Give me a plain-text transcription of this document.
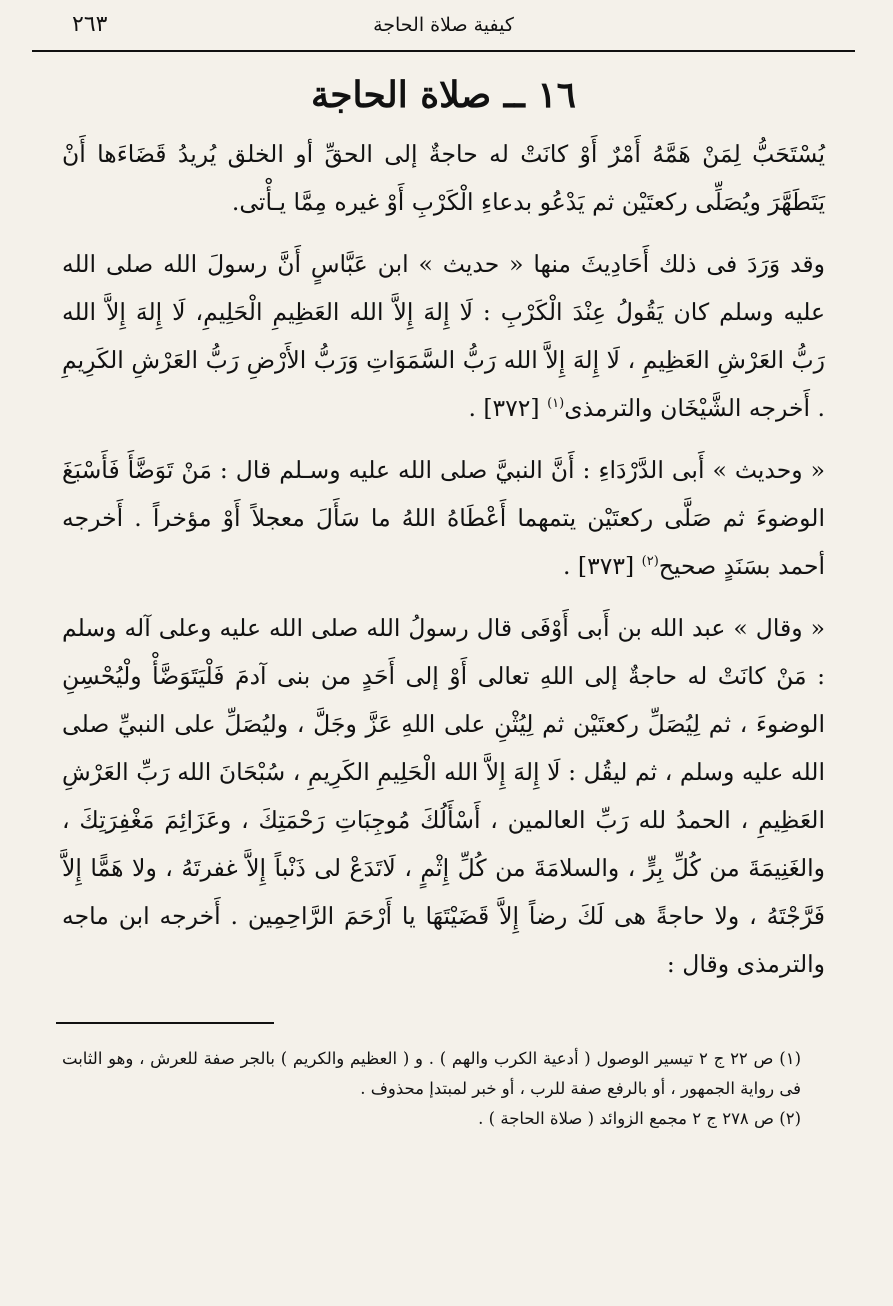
كيفية صلاة الحاجة
٢٦٣
١٦ ــ صلاة الحاجة

يُسْتَحَبُّ لِمَنْ هَمَّهُ أَمْرٌ أَوْ كانَتْ له حاجةٌ إلى الحقِّ أو الخلق يُريدُ قَضَاءَها أَنْ يَتَطَهَّرَ ويُصَلِّى ركعتَيْن ثم يَدْعُو بدعاءِ الْكَرْبِ أَوْ غيره مِمَّا يـأْتى.

وقد وَرَدَ فى ذلك أَحَادِيثَ منها « حديث » ابن عَبَّاسٍ أَنَّ رسولَ الله صلى الله عليه وسلم كان يَقُولُ عِنْدَ الْكَرْبِ : لَا إِلهَ إِلاَّ الله العَظِيمِ الْحَلِيمِ، لَا إِلهَ إِلاَّ الله رَبُّ العَرْشِ العَظِيمِ ، لَا إِلهَ إِلاَّ الله رَبُّ السَّمَوَاتِ وَرَبُّ الأَرْضِ رَبُّ العَرْشِ الكَرِيمِ . أَخرجه الشَّيْخَان والترمذى$^{(١)}$ [٣٧٢] .

« وحديث » أَبى الدَّرْدَاءِ : أَنَّ النبيَّ صلى الله عليه وسـلم قال : مَنْ تَوَضَّأَ فَأَسْبَغَ الوضوءَ ثم صَلَّى ركعتَيْن يتمهما أَعْطَاهُ اللهُ ما سَأَلَ معجلاً أَوْ مؤخراً . أَخرجه أحمد بسَنَدٍ صحيح$^{(٢)}$ [٣٧٣] .

« وقال » عبد الله بن أَبى أَوْفَى قال رسولُ الله صلى الله عليه وعلى آله وسلم : مَنْ كانَتْ له حاجةٌ إلى اللهِ تعالى أَوْ إلى أَحَدٍ من بنى آدمَ فَلْيَتَوَضَّأْ ولْيُحْسِنِ الوضوءَ ، ثم لِيُصَلِّ ركعتَيْن ثم لِيُثْنِ على اللهِ عَزَّ وجَلَّ ، وليُصَلِّ على النبيِّ صلى الله عليه وسلم ، ثم ليقُل : لَا إِلهَ إِلاَّ الله الْحَلِيمِ الكَرِيمِ ، سُبْحَانَ الله رَبِّ العَرْشِ العَظِيمِ ، الحمدُ لله رَبِّ العالمين ، أَسْأَلُكَ مُوجِبَاتِ رَحْمَتِكَ ، وعَزَائِمَ مَغْفِرَتِكَ ، والغَنِيمَةَ من كُلِّ بِرٍّ ، والسلامَةَ من كُلِّ إِثْمٍ ، لَاتَدَعْ لى ذَنْباً إِلاَّ غفرتَهُ ، ولا هَمًّا إِلاَّ فَرَّجْتَهُ ، ولا حاجةً هى لَكَ رضاً إِلاَّ قَضَيْتَهَا يا أَرْحَمَ الرَّاحِمِين . أَخرجه ابن ماجه والترمذى وقال :

(١) ص ٢٢ ج ٢ تيسير الوصول ( أدعية الكرب والهم ) . و ( العظيم والكريم ) بالجر صفة للعرش ، وهو الثابت فى رواية الجمهور ، أو بالرفع صفة للرب ، أو خبر لمبتدإ محذوف .

(٢) ص ٢٧٨ ج ٢ مجمع الزوائد ( صلاة الحاجة ) .
